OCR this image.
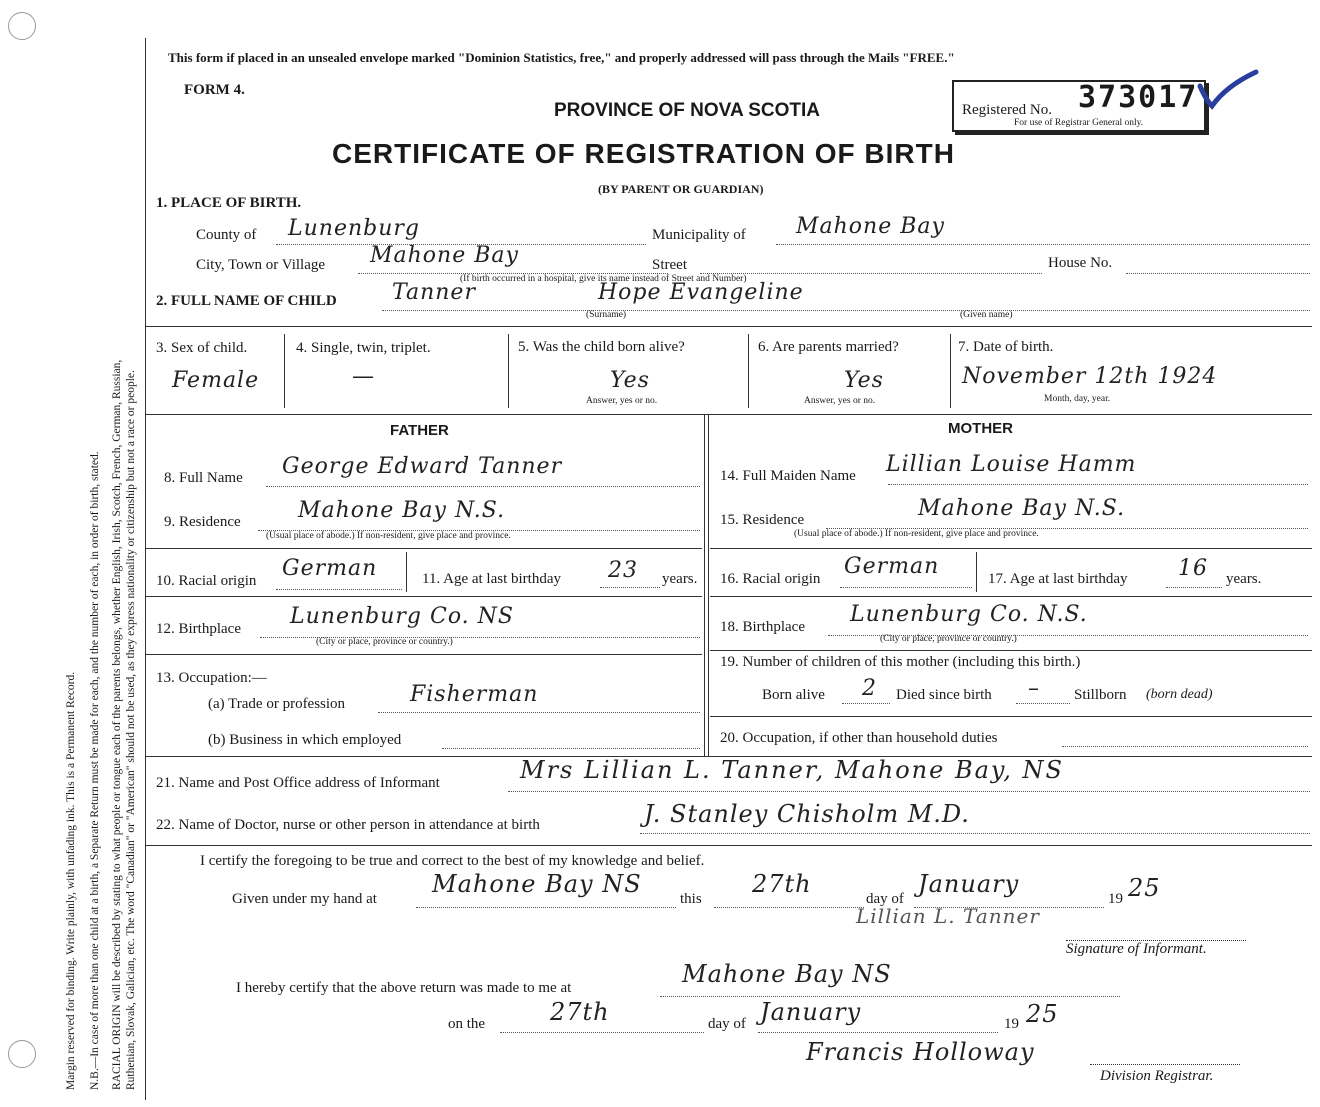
Margin reserved for binding. Write plainly, with unfading ink. This is a Permanent Record. N.B.—In case of more than one child at a birth, a Separate Return must be made for each, and the number of each, in order of birth, stated. RACIAL ORIGIN will be described by stating to what people or tongue each of the parents belongs, whether English, Irish, Scotch, French, German, Russian, Ruthenian, Slovak, Galician, etc. The word "Canadian" or "American" should not be used, as they express nationality or citizenship but not a race or people.
This form if placed in an unsealed envelope marked "Dominion Statistics, free," and properly addressed will pass through the Mails "FREE."
FORM 4.
PROVINCE OF NOVA SCOTIA
CERTIFICATE OF REGISTRATION OF BIRTH
(BY PARENT OR GUARDIAN)
Registered No. 373017
For use of Registrar General only.
1. PLACE OF BIRTH.
County of Lunenburg	Municipality of Mahone Bay
City, Town or Village Mahone Bay	Street	House No.
(If birth occurred in a hospital, give its name instead of Street and Number)
2. FULL NAME OF CHILD	Tanner	Hope Evangeline
(Surname)	(Given name)
3. Sex of child.
Female
4. Single, twin, triplet.
—
5. Was the child born alive?
Yes
Answer, yes or no.
6. Are parents married?
Yes
Answer, yes or no.
7. Date of birth.
November 12th 1924
Month, day, year.
FATHER
8. Full Name George Edward Tanner
9. Residence	Mahone Bay N.S.
(Usual place of abode.) If non-resident, give place and province.
10. Racial origin German	11. Age at last birthday 23 years.
12. Birthplace Lunenburg Co. NS
(City or place, province or country.)
13. Occupation:—
(a) Trade or profession	Fisherman
(b) Business in which employed
MOTHER
14. Full Maiden Name Lillian Louise Hamm
15. Residence	Mahone Bay N.S.
(Usual place of abode.) If non-resident, give place and province.
16. Racial origin German	17. Age at last birthday 16 years.
18. Birthplace Lunenburg Co. N.S.
(City or place, province or country.)
19. Number of children of this mother (including this birth.)
Born alive 2 Died since birth – Stillborn (born dead)
20. Occupation, if other than household duties
21. Name and Post Office address of Informant	Mrs Lillian L. Tanner, Mahone Bay, NS
22. Name of Doctor, nurse or other person in attendance at birth	J. Stanley Chisholm M.D.
I certify the foregoing to be true and correct to the best of my knowledge and belief.
Given under my hand at
Mahone Bay NS
this
27th
day of
January
19 25
Lillian L. Tanner
Signature of Informant.
I hereby certify that the above return was made to me at	Mahone Bay NS
on the	27th	day of January	19 25
Francis Holloway
Division Registrar.
